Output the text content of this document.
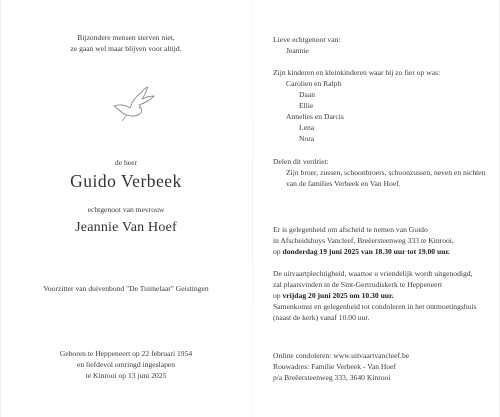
Bijzondere mensen sterven niet,
ze gaan wel maar blijven voor altijd.
de heer
Guido Verbeek
echtgenoot van mevrouw
Jeannie Van Hoef
Voorzitter van duivenbond "De Tuimelaar" Geistingen
Geboren te Heppeneert op 22 februari 1954
en liefdevol omringd ingeslapen
te Kinrooi op 13 juni 2025
Lieve echtgenoot van:
Jeannie
Zijn kinderen en kleinkinderen waar hij zo fier op was:
Carolien en Ralph
Daan
Ellie
Annelies en Darcis
Lena
Nora
Delen dit verdriet:
Zijn broer, zussen, schoonbroers, schoonzussen, neven en nichten
van de families Verbeek en Van Hoef.
Er is gelegenheid om afscheid te nemen van Guido
in Afscheidshuys Vancleef, Breëersteenweg 333 te Kinrooi,
op donderdag 19 juni 2025 van 18.30 uur tot 19.00 uur.
De uitvaartplechtigheid, waartoe u vriendelijk wordt uitgenodigd,
zal plaatsvinden in de Sint-Gertrudiskerk te Heppeneert
op vrijdag 20 juni 2025 om 10.30 uur.
Samenkomst en gelegenheid tot condoleren in het ontmoetingshuis
(naast de kerk) vanaf 10.00 uur.
Online condoleren: www.uitvaartvancleef.be
Rouwadres: Familie Verbeek - Van Hoef
p/a Breëersteenweg 333, 3640 Kinrooi
